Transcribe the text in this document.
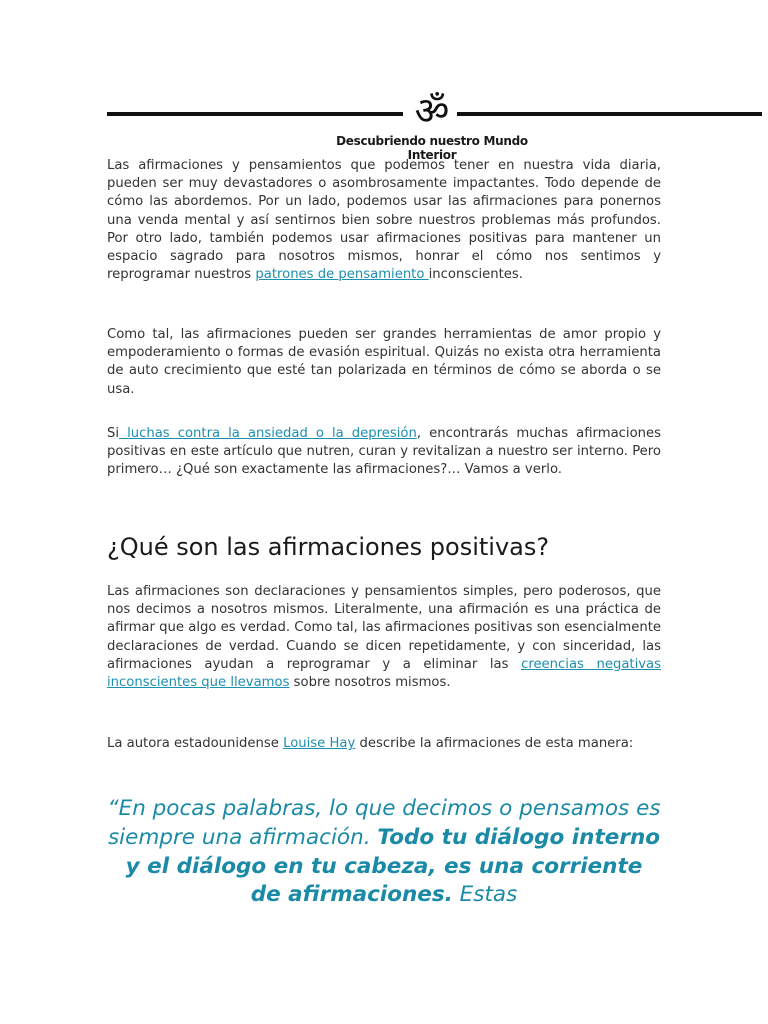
ॐ
Descubriendo nuestro Mundo Interior

Las afirmaciones y pensamientos que podemos tener en nuestra vida diaria, pueden ser muy devastadores o asombrosamente impactantes. Todo depende de cómo las abordemos. Por un lado, podemos usar las afirmaciones para ponernos una venda mental y así sentirnos bien sobre nuestros problemas más profundos. Por otro lado, también podemos usar afirmaciones positivas para mantener un espacio sagrado para nosotros mismos, honrar el cómo nos sentimos y reprogramar nuestros patrones de pensamiento inconscientes.

Como tal, las afirmaciones pueden ser grandes herramientas de amor propio y empoderamiento o formas de evasión espiritual. Quizás no exista otra herramienta de auto crecimiento que esté tan polarizada en términos de cómo se aborda o se usa.

Si luchas contra la ansiedad o la depresión, encontrarás muchas afirmaciones positivas en este artículo que nutren, curan y revitalizan a nuestro ser interno. Pero primero… ¿Qué son exactamente las afirmaciones?… Vamos a verlo.

¿Qué son las afirmaciones positivas?

Las afirmaciones son declaraciones y pensamientos simples, pero poderosos, que nos decimos a nosotros mismos. Literalmente, una afirmación es una práctica de afirmar que algo es verdad. Como tal, las afirmaciones positivas son esencialmente declaraciones de verdad. Cuando se dicen repetidamente, y con sinceridad, las afirmaciones ayudan a reprogramar y a eliminar las creencias negativas inconscientes que llevamos sobre nosotros mismos.

La autora estadounidense Louise Hay describe la afirmaciones de esta manera:

“En pocas palabras, lo que decimos o pensamos es siempre una afirmación. Todo tu diálogo interno y el diálogo en tu cabeza, es una corriente de afirmaciones. Estas
